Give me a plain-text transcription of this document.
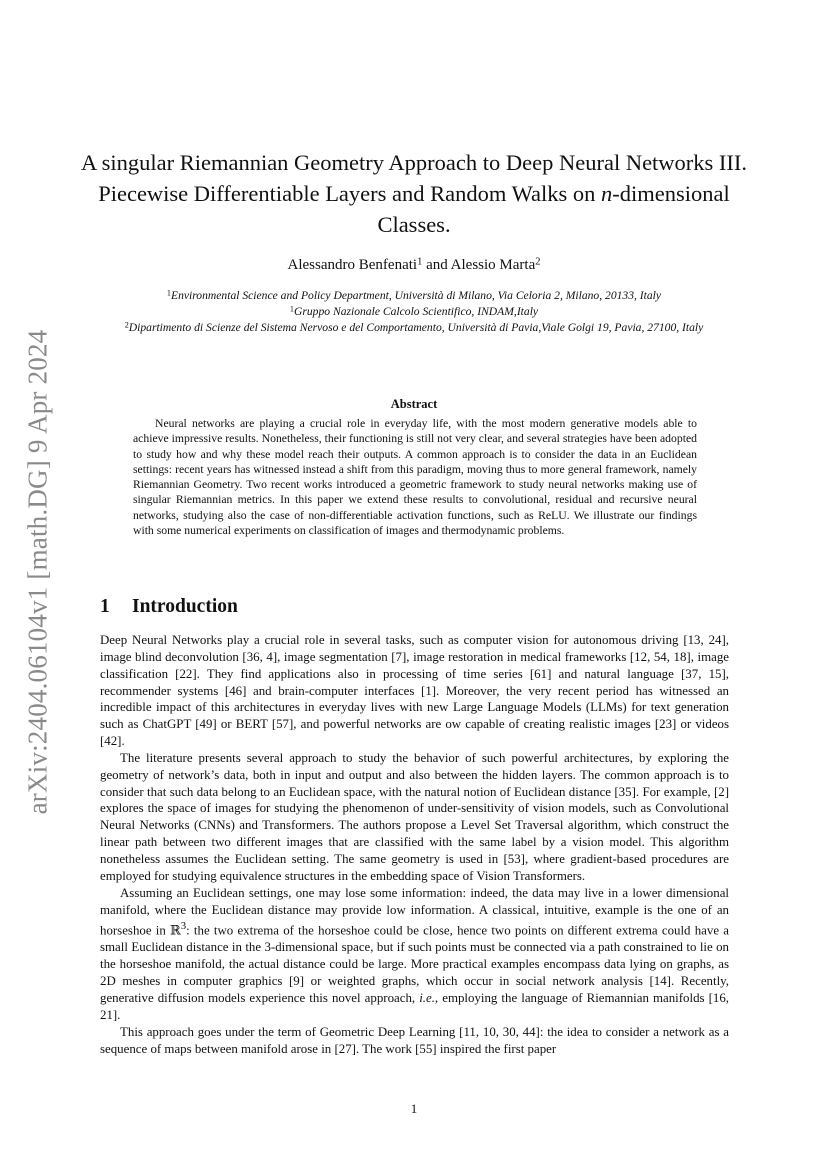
arXiv:2404.06104v1 [math.DG] 9 Apr 2024
A singular Riemannian Geometry Approach to Deep Neural Networks III. Piecewise Differentiable Layers and Random Walks on n-dimensional Classes.
Alessandro Benfenati$^1$ and Alessio Marta$^2$
$^1$Environmental Science and Policy Department, Università di Milano, Via Celoria 2, Milano, 20133, Italy
$^1$Gruppo Nazionale Calcolo Scientifico, INDAM,Italy
$^2$Dipartimento di Scienze del Sistema Nervoso e del Comportamento, Università di Pavia,Viale Golgi 19, Pavia, 27100, Italy
Abstract

Neural networks are playing a crucial role in everyday life, with the most modern generative models able to achieve impressive results. Nonetheless, their functioning is still not very clear, and several strategies have been adopted to study how and why these model reach their outputs. A common approach is to consider the data in an Euclidean settings: recent years has witnessed instead a shift from this paradigm, moving thus to more general framework, namely Riemannian Geometry. Two recent works introduced a geometric framework to study neural networks making use of singular Riemannian metrics. In this paper we extend these results to convolutional, residual and recursive neural networks, studying also the case of non-differentiable activation functions, such as ReLU. We illustrate our findings with some numerical experiments on classification of images and thermodynamic problems.

1 Introduction

Deep Neural Networks play a crucial role in several tasks, such as computer vision for autonomous driving [13, 24], image blind deconvolution [36, 4], image segmentation [7], image restoration in medical frameworks [12, 54, 18], image classification [22]. They find applications also in processing of time series [61] and natural language [37, 15], recommender systems [46] and brain-computer interfaces [1]. Moreover, the very recent period has witnessed an incredible impact of this architectures in everyday lives with new Large Language Models (LLMs) for text generation such as ChatGPT [49] or BERT [57], and powerful networks are ow capable of creating realistic images [23] or videos [42].

The literature presents several approach to study the behavior of such powerful architectures, by exploring the geometry of network’s data, both in input and output and also between the hidden layers. The common approach is to consider that such data belong to an Euclidean space, with the natural notion of Euclidean distance [35]. For example, [2] explores the space of images for studying the phenomenon of under-sensitivity of vision models, such as Convolutional Neural Networks (CNNs) and Transformers. The authors propose a Level Set Traversal algorithm, which construct the linear path between two different images that are classified with the same label by a vision model. This algorithm nonetheless assumes the Euclidean setting. The same geometry is used in [53], where gradient-based procedures are employed for studying equivalence structures in the embedding space of Vision Transformers.

Assuming an Euclidean settings, one may lose some information: indeed, the data may live in a lower dimensional manifold, where the Euclidean distance may provide low information. A classical, intuitive, example is the one of an horseshoe in ℝ$^3$: the two extrema of the horseshoe could be close, hence two points on different extrema could have a small Euclidean distance in the 3-dimensional space, but if such points must be connected via a path constrained to lie on the horseshoe manifold, the actual distance could be large. More practical examples encompass data lying on graphs, as 2D meshes in computer graphics [9] or weighted graphs, which occur in social network analysis [14]. Recently, generative diffusion models experience this novel approach, i.e., employing the language of Riemannian manifolds [16, 21].

This approach goes under the term of Geometric Deep Learning [11, 10, 30, 44]: the idea to consider a network as a sequence of maps between manifold arose in [27]. The work [55] inspired the first paper

1
